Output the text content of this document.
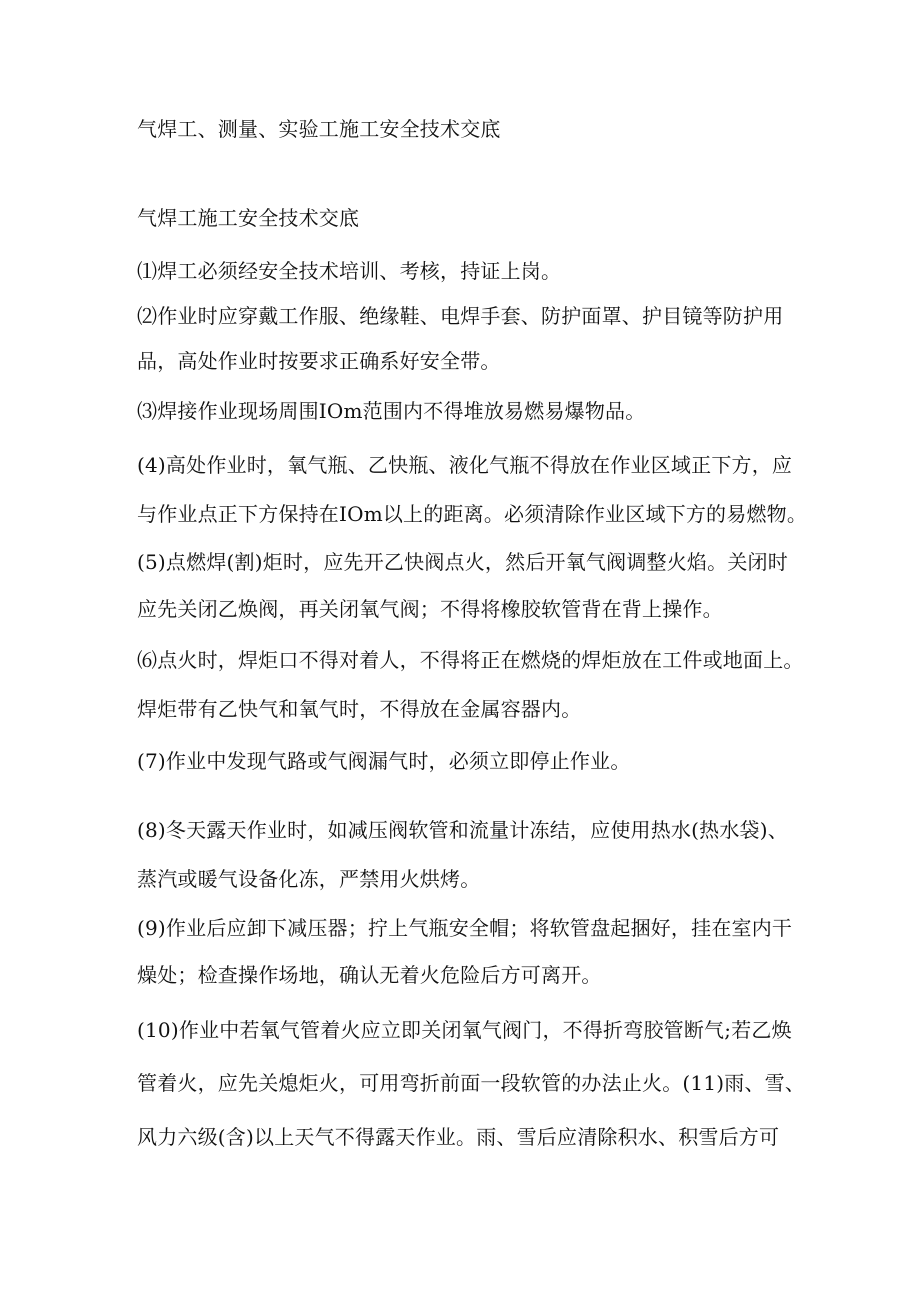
气焊工、测量、实验工施工安全技术交底
气焊工施工安全技术交底
⑴焊工必须经安全技术培训、考核，持证上岗。
⑵作业时应穿戴工作服、绝缘鞋、电焊手套、防护面罩、护目镜等防护用
品，高处作业时按要求正确系好安全带。
⑶焊接作业现场周围IOm范围内不得堆放易燃易爆物品。
(4)高处作业时，氧气瓶、乙快瓶、液化气瓶不得放在作业区域正下方，应
与作业点正下方保持在IOm以上的距离。必须清除作业区域下方的易燃物。
(5)点燃焊(割)炬时，应先开乙快阀点火，然后开氧气阀调整火焰。关闭时
应先关闭乙焕阀，再关闭氧气阀；不得将橡胶软管背在背上操作。
⑹点火时，焊炬口不得对着人，不得将正在燃烧的焊炬放在工件或地面上。
焊炬带有乙快气和氧气时，不得放在金属容器内。
(7)作业中发现气路或气阀漏气时，必须立即停止作业。
(8)冬天露天作业时，如减压阀软管和流量计冻结，应使用热水(热水袋)、
蒸汽或暖气设备化冻，严禁用火烘烤。
(9)作业后应卸下减压器；拧上气瓶安全帽；将软管盘起捆好，挂在室内干
燥处；检查操作场地，确认无着火危险后方可离开。
(10)作业中若氧气管着火应立即关闭氧气阀门，不得折弯胶管断气;若乙焕
管着火，应先关熄炬火，可用弯折前面一段软管的办法止火。(11)雨、雪、
风力六级(含)以上天气不得露天作业。雨、雪后应清除积水、积雪后方可
